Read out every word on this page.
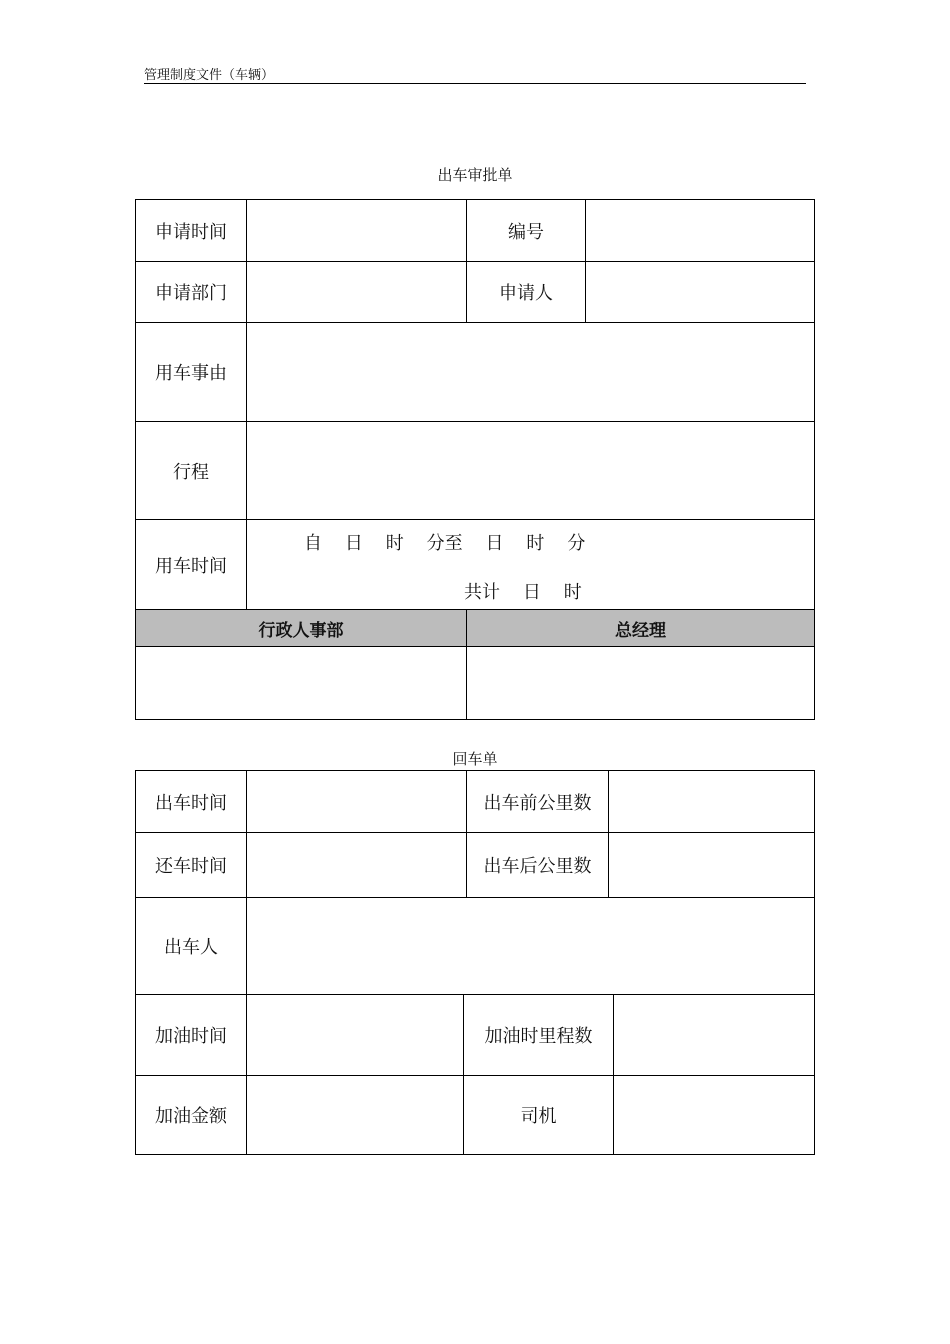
管理制度文件（车辆）
出车审批单
申请时间	编号
申请部门	申请人
用车事由
行程
用车时间
自    日    时    分至    日    时    分
共计    日    时
行政人事部	总经理
回车单
出车时间	出车前公里数
还车时间	出车后公里数
出车人
加油时间	加油时里程数
加油金额	司机
